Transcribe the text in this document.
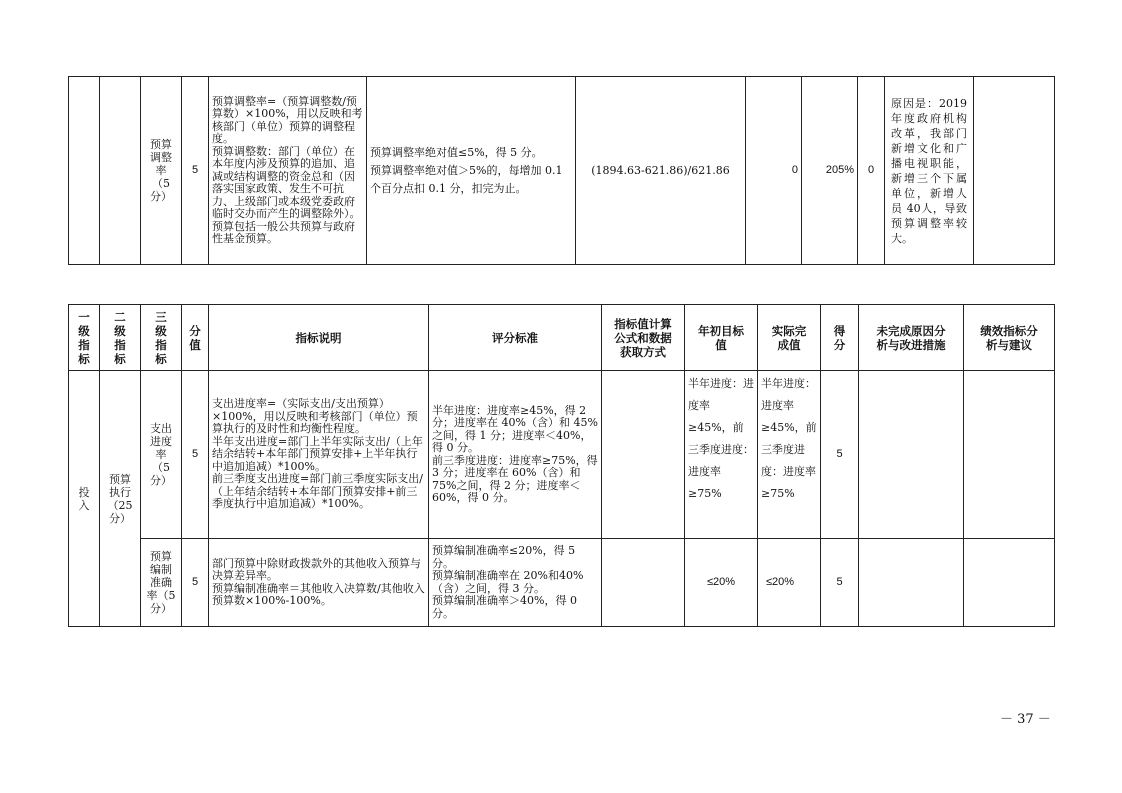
		预算
调整
率
（5
分）	5	预算调整率=（预算调整数/预算数）×100%，用以反映和考核部门（单位）预算的调整程度。
预算调整数：部门（单位）在本年度内涉及预算的追加、追减或结构调整的资金总和（因落实国家政策、发生不可抗力、上级部门或本级党委政府临时交办而产生的调整除外）。
预算包括一般公共预算与政府性基金预算。	预算调整率绝对值≤5%，得 5 分。
预算调整率绝对值＞5%的，每增加 0.1 个百分点扣 0.1 分，扣完为止。	(1894.63-621.86)/621.86	0	205%	0	原因是：2019年度政府机构改革，我部门新增文化和广播电视职能，新增三个下属单位，新增人员 40人，导致预算调整率较大。	
一
级
指
标	二
级
指
标	三
级
指
标	分
值	指标说明	评分标准	指标值计算
公式和数据
获取方式	年初目标
值	实际完
成值	得
分	未完成原因分
析与改进措施	绩效指标分
析与建议
投
入	预算
执行
（25
分）	支出
进度
率
（5
分）	5	支出进度率=（实际支出/支出预算）×100%，用以反映和考核部门（单位）预算执行的及时性和均衡性程度。
半年支出进度=部门上半年实际支出/（上年结余结转+本年部门预算安排+上半年执行中追加追减）*100%。
前三季度支出进度=部门前三季度实际支出/（上年结余结转+本年部门预算安排+前三季度执行中追加追减）*100%。	半年进度：进度率≥45%，得 2 分；进度率在 40%（含）和 45%之间，得 1 分；进度率＜40%，得 0 分。
前三季度进度：进度率≥75%，得 3 分；进度率在 60%（含）和 75%之间，得 2 分；进度率＜60%，得 0 分。		半年进度：进度率≥45%，前三季度进度：进度率≥75%	半年进度：进度率≥45%，前三季度进度：进度率≥75%	5		
		预算
编制
准确
率（5
分）	5	部门预算中除财政拨款外的其他收入预算与决算差异率。
预算编制准确率＝其他收入决算数/其他收入预算数×100%-100%。	预算编制准确率≤20%，得 5 分。
预算编制准确率在 20%和40%（含）之间，得 3 分。
预算编制准确率＞40%，得 0 分。		≤20%	≤20%	5		
－ 37 －
